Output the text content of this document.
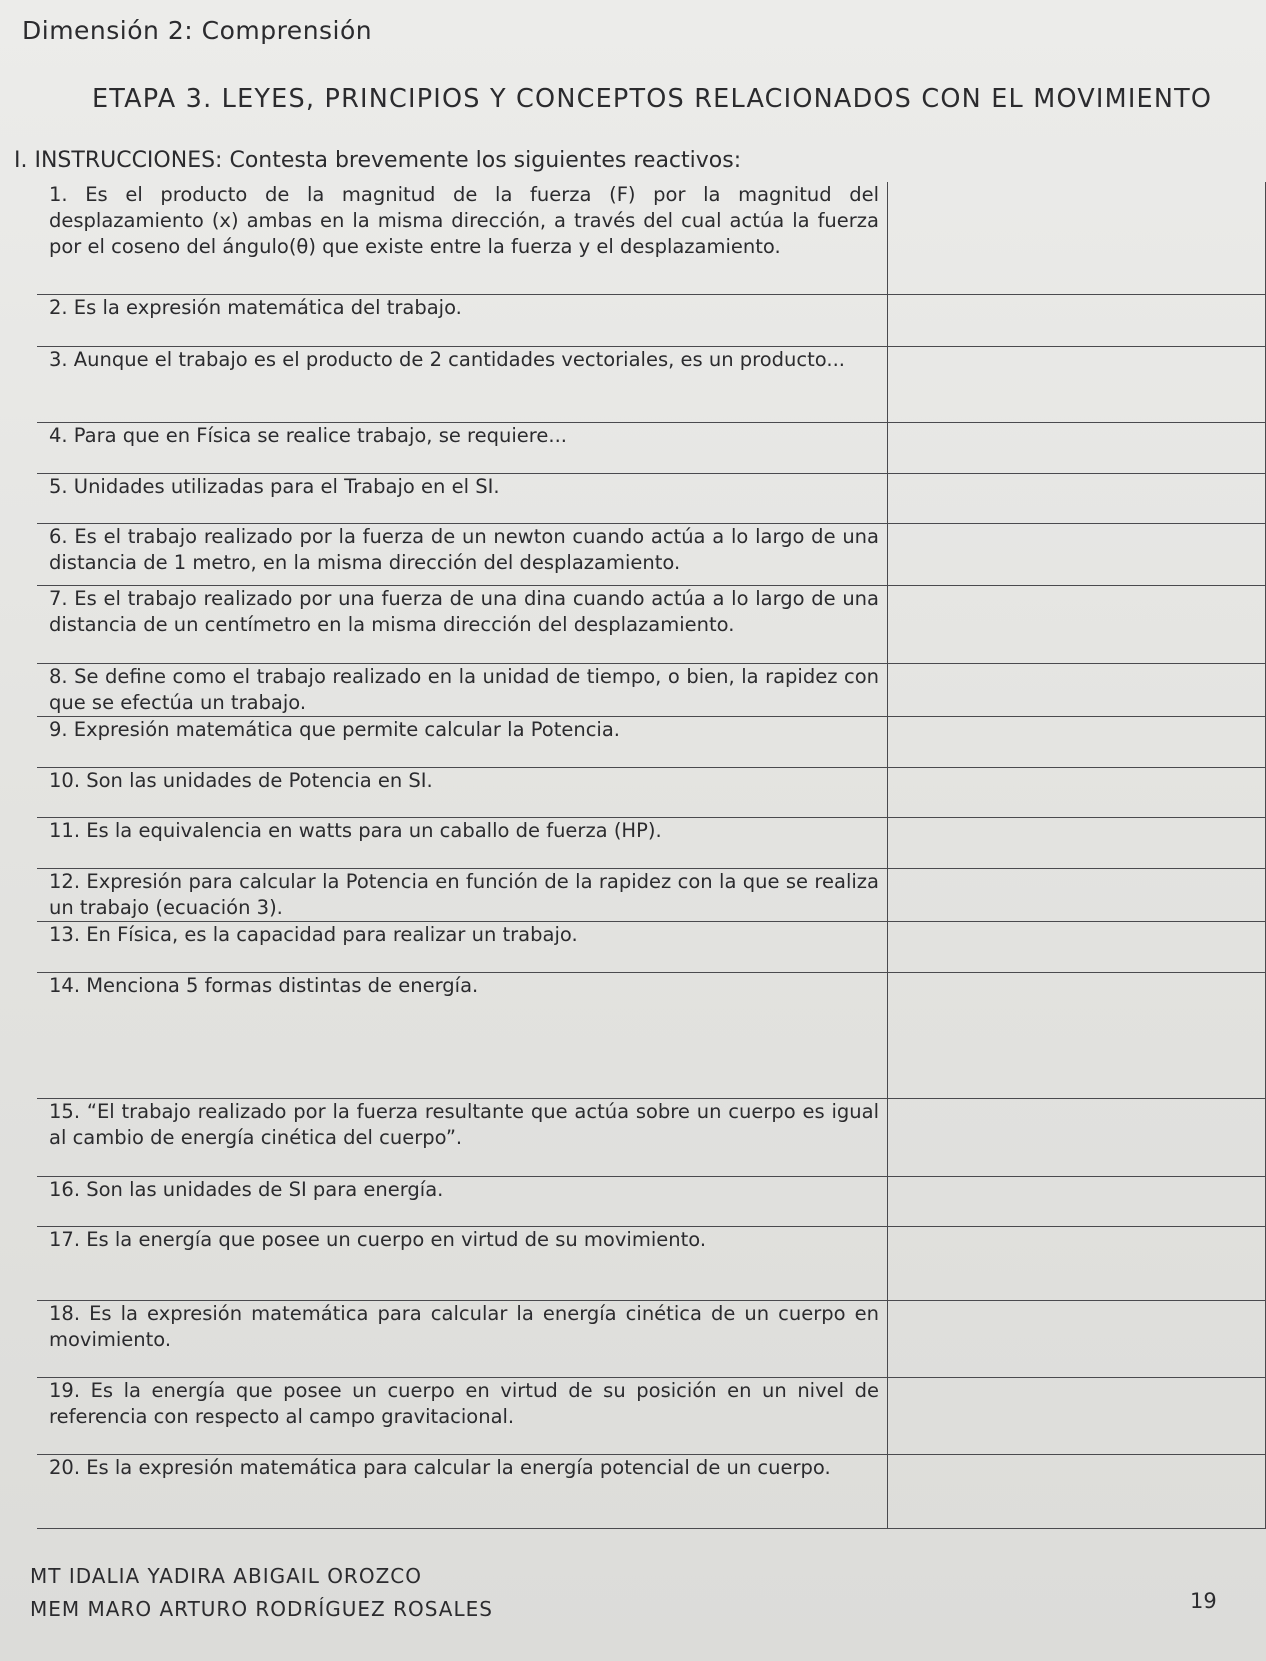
Dimensión 2: Comprensión
ETAPA 3. LEYES, PRINCIPIOS Y CONCEPTOS RELACIONADOS CON EL MOVIMIENTO
I. INSTRUCCIONES: Contesta brevemente los siguientes reactivos:
1. Es el producto de la magnitud de la fuerza (F) por la magnitud del desplazamiento (x) ambas en la misma dirección, a través del cual actúa la fuerza por el coseno del ángulo(θ) que existe entre la fuerza y el desplazamiento.	
2. Es la expresión matemática del trabajo.	
3. Aunque el trabajo es el producto de 2 cantidades vectoriales, es un producto...	
4. Para que en Física se realice trabajo, se requiere...	
5. Unidades utilizadas para el Trabajo en el SI.	
6. Es el trabajo realizado por la fuerza de un newton cuando actúa a lo largo de una distancia de 1 metro, en la misma dirección del desplazamiento.	
7. Es el trabajo realizado por una fuerza de una dina cuando actúa a lo largo de una distancia de un centímetro en la misma dirección del desplazamiento.	
8. Se define como el trabajo realizado en la unidad de tiempo, o bien, la rapidez con que se efectúa un trabajo.	
9. Expresión matemática que permite calcular la Potencia.	
10. Son las unidades de Potencia en SI.	
11. Es la equivalencia en watts para un caballo de fuerza (HP).	
12. Expresión para calcular la Potencia en función de la rapidez con la que se realiza un trabajo (ecuación 3).	
13. En Física, es la capacidad para realizar un trabajo.	
14. Menciona 5 formas distintas de energía.	
15. “El trabajo realizado por la fuerza resultante que actúa sobre un cuerpo es igual al cambio de energía cinética del cuerpo”.	
16. Son las unidades de SI para energía.	
17. Es la energía que posee un cuerpo en virtud de su movimiento.	
18. Es la expresión matemática para calcular la energía cinética de un cuerpo en movimiento.	
19. Es la energía que posee un cuerpo en virtud de su posición en un nivel de referencia con respecto al campo gravitacional.	
20. Es la expresión matemática para calcular la energía potencial de un cuerpo.	
MT IDALIA YADIRA ABIGAIL OROZCO
MEM MARO ARTURO RODRÍGUEZ ROSALES	19
